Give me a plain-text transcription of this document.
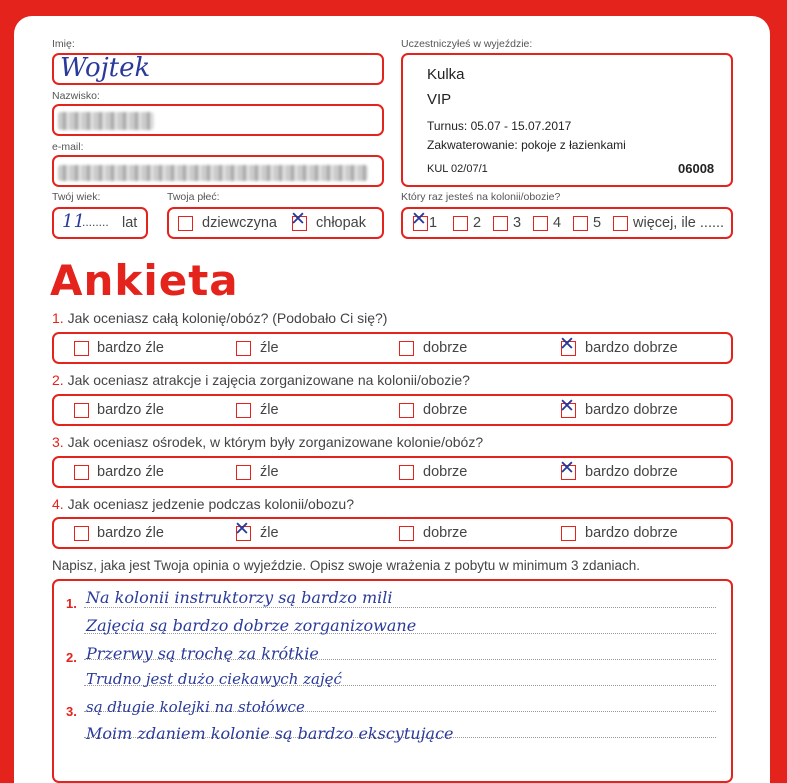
Imię:
Wojtek
Nazwisko:
e-mail:
Twój wiek:
11
........ lat
Twoja płeć:
dziewczyna ✕ chłopak
Uczestniczyłeś w wyjeździe:
Kulka
VIP
Turnus: 05.07 - 15.07.2017
Zakwaterowanie: pokoje z łazienkami
KUL 02/07/1	06008
Który raz jesteś na kolonii/obozie?
✕ 1 2 3 4 5 więcej, ile ......
Ankieta
1. Jak oceniasz całą kolonię/obóz? (Podobało Ci się?)
bardzo źle	źle	dobrze	✕ bardzo dobrze
2. Jak oceniasz atrakcje i zajęcia zorganizowane na kolonii/obozie?
bardzo źle	źle	dobrze	✕ bardzo dobrze
3. Jak oceniasz ośrodek, w którym były zorganizowane kolonie/obóz?
bardzo źle	źle	dobrze	✕ bardzo dobrze
4. Jak oceniasz jedzenie podczas kolonii/obozu?
bardzo źle	✕ źle	dobrze	bardzo dobrze
Napisz, jaka jest Twoja opinia o wyjeździe. Opisz swoje wrażenia z pobytu w minimum 3 zdaniach.
1.
2.
3.
Na kolonii instruktorzy są bardzo mili
Zajęcia są bardzo dobrze zorganizowane
Przerwy są trochę za krótkie
Trudno jest dużo ciekawych zajęć
są długie kolejki na stołówce
Moim zdaniem kolonie są bardzo ekscytujące
